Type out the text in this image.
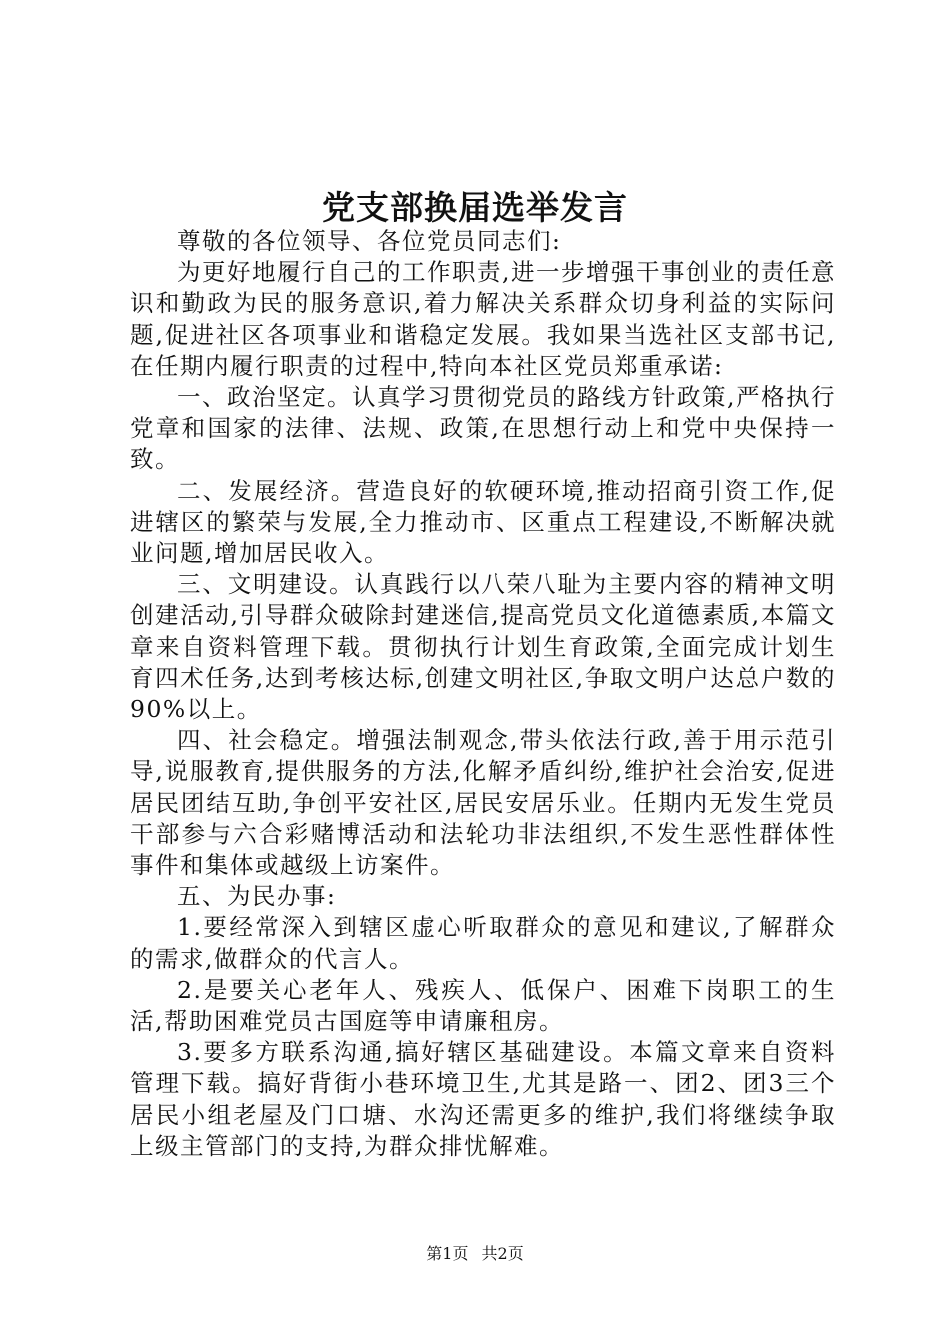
党支部换届选举发言

尊敬的各位领导、各位党员同志们:

为更好地履行自己的工作职责,进一步增强干事创业的责任意识和勤政为民的服务意识,着力解决关系群众切身利益的实际问题,促进社区各项事业和谐稳定发展。我如果当选社区支部书记,在任期内履行职责的过程中,特向本社区党员郑重承诺:

一、政治坚定。认真学习贯彻党员的路线方针政策,严格执行党章和国家的法律、法规、政策,在思想行动上和党中央保持一致。

二、发展经济。营造良好的软硬环境,推动招商引资工作,促进辖区的繁荣与发展,全力推动市、区重点工程建设,不断解决就业问题,增加居民收入。

三、文明建设。认真践行以八荣八耻为主要内容的精神文明创建活动,引导群众破除封建迷信,提高党员文化道德素质,本篇文章来自资料管理下载。贯彻执行计划生育政策,全面完成计划生育四术任务,达到考核达标,创建文明社区,争取文明户达总户数的90%以上。

四、社会稳定。增强法制观念,带头依法行政,善于用示范引导,说服教育,提供服务的方法,化解矛盾纠纷,维护社会治安,促进居民团结互助,争创平安社区,居民安居乐业。任期内无发生党员干部参与六合彩赌博活动和法轮功非法组织,不发生恶性群体性事件和集体或越级上访案件。

五、为民办事:

1.要经常深入到辖区虚心听取群众的意见和建议,了解群众的需求,做群众的代言人。

2.是要关心老年人、残疾人、低保户、困难下岗职工的生活,帮助困难党员古国庭等申请廉租房。

3.要多方联系沟通,搞好辖区基础建设。本篇文章来自资料管理下载。搞好背街小巷环境卫生,尤其是路一、团2、团3三个居民小组老屋及门口塘、水沟还需更多的维护,我们将继续争取上级主管部门的支持,为群众排忧解难。

第1页 共2页
